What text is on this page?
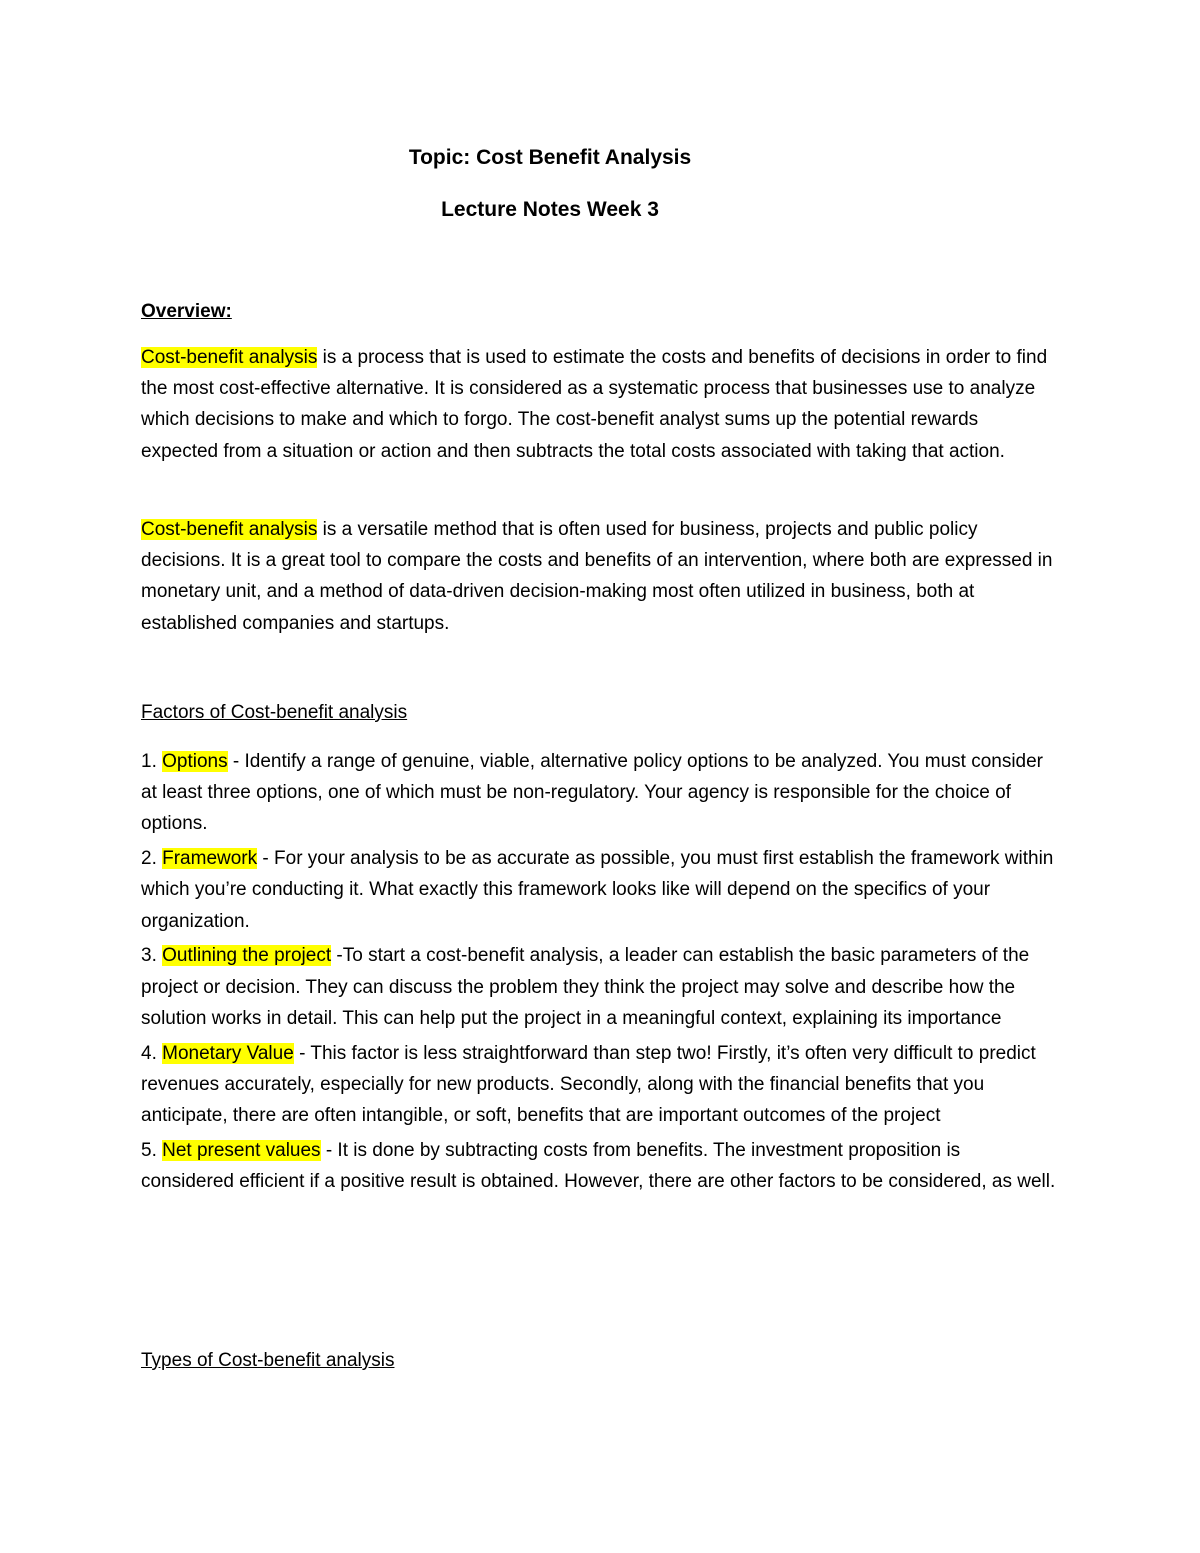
Topic: Cost Benefit Analysis
Lecture Notes Week 3
Overview:

Cost-benefit analysis is a process that is used to estimate the costs and benefits of decisions in order to find the most cost-effective alternative. It is considered as a systematic process that businesses use to analyze which decisions to make and which to forgo. The cost-benefit analyst sums up the potential rewards expected from a situation or action and then subtracts the total costs associated with taking that action.

Cost-benefit analysis is a versatile method that is often used for business, projects and public policy decisions. It is a great tool to compare the costs and benefits of an intervention, where both are expressed in monetary unit, and a method of data-driven decision-making most often utilized in business, both at established companies and startups.

Factors of Cost-benefit analysis

1. Options - Identify a range of genuine, viable, alternative policy options to be analyzed. You must consider at least three options, one of which must be non-regulatory. Your agency is responsible for the choice of options.

2. Framework - For your analysis to be as accurate as possible, you must first establish the framework within which you’re conducting it. What exactly this framework looks like will depend on the specifics of your organization.

3. Outlining the project -To start a cost-benefit analysis, a leader can establish the basic parameters of the project or decision. They can discuss the problem they think the project may solve and describe how the solution works in detail. This can help put the project in a meaningful context, explaining its importance

4. Monetary Value - This factor is less straightforward than step two! Firstly, it’s often very difficult to predict revenues accurately, especially for new products. Secondly, along with the financial benefits that you anticipate, there are often intangible, or soft, benefits that are important outcomes of the project

5. Net present values - It is done by subtracting costs from benefits. The investment proposition is considered efficient if a positive result is obtained. However, there are other factors to be considered, as well.

Types of Cost-benefit analysis
